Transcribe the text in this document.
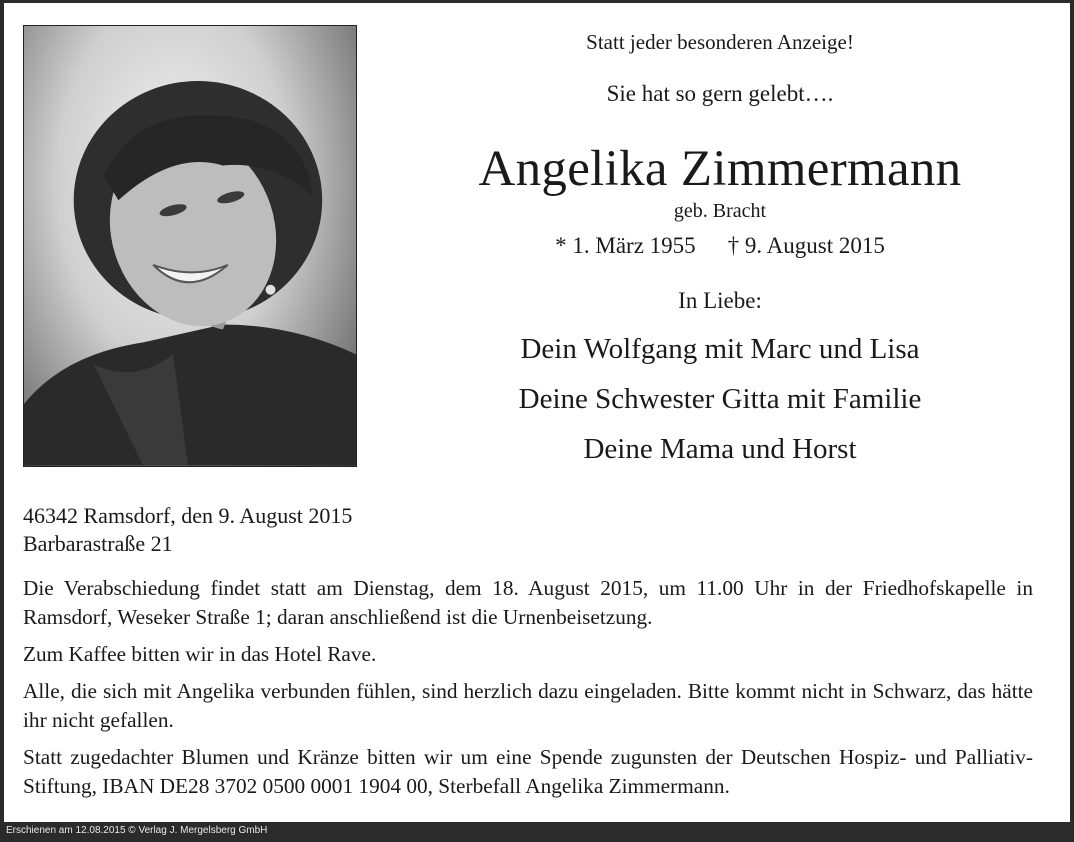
Statt jeder besonderen Anzeige!
Sie hat so gern gelebt….
Angelika Zimmermann
geb. Bracht
* 1. März 1955 † 9. August 2015
In Liebe:
Dein Wolfgang mit Marc und Lisa
Deine Schwester Gitta mit Familie
Deine Mama und Horst
46342 Ramsdorf, den 9. August 2015
Barbarastraße 21

Die Verabschiedung findet statt am Dienstag, dem 18. August 2015, um 11.00 Uhr in der Friedhofskapelle in Ramsdorf, Weseker Straße 1; daran anschließend ist die Urnenbeisetzung.

Zum Kaffee bitten wir in das Hotel Rave.

Alle, die sich mit Angelika verbunden fühlen, sind herzlich dazu eingeladen. Bitte kommt nicht in Schwarz, das hätte ihr nicht gefallen.

Statt zugedachter Blumen und Kränze bitten wir um eine Spende zugunsten der Deutschen Hospiz- und Palliativ-Stiftung, IBAN DE28 3702 0500 0001 1904 00, Sterbefall Angelika Zimmermann.

Erschienen am 12.08.2015 © Verlag J. Mergelsberg GmbH
